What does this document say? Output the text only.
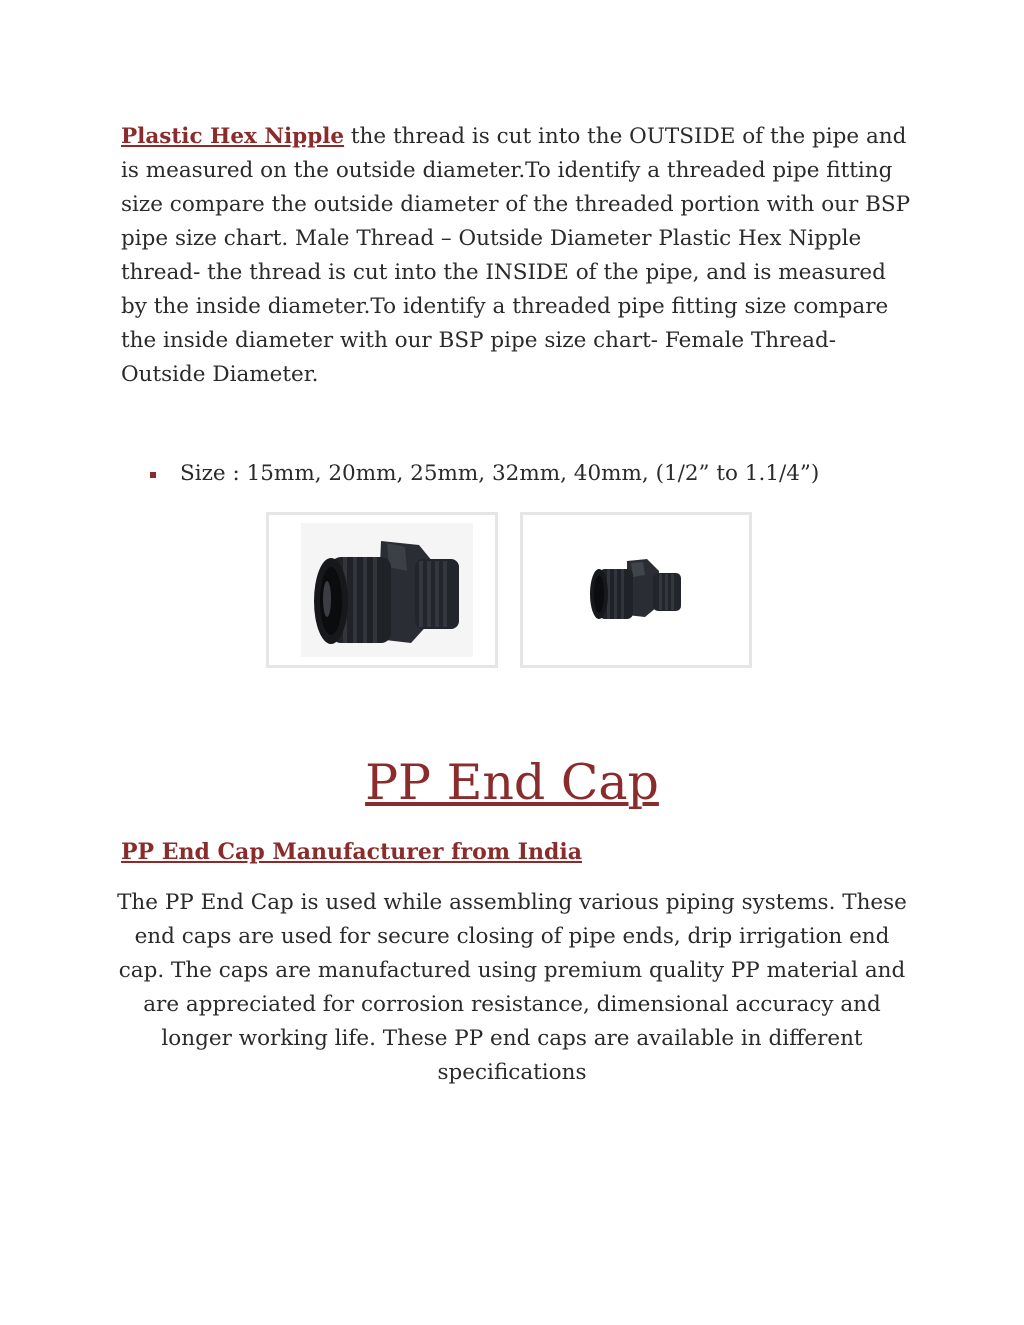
Plastic Hex Nipple the thread is cut into the OUTSIDE of the pipe and is measured on the outside diameter.To identify a threaded pipe fitting size compare the outside diameter of the threaded portion with our BSP pipe size chart. Male Thread – Outside Diameter Plastic Hex Nipple thread- the thread is cut into the INSIDE of the pipe, and is measured by the inside diameter.To identify a threaded pipe fitting size compare the inside diameter with our BSP pipe size chart- Female Thread- Outside Diameter.

Size : 15mm, 20mm, 25mm, 32mm, 40mm, (1/2” to 1.1/4”)
PP End Cap
PP End Cap Manufacturer from India

The PP End Cap is used while assembling various piping systems. These end caps are used for secure closing of pipe ends, drip irrigation end cap. The caps are manufactured using premium quality PP material and are appreciated for corrosion resistance, dimensional accuracy and longer working life. These PP end caps are available in different specifications
